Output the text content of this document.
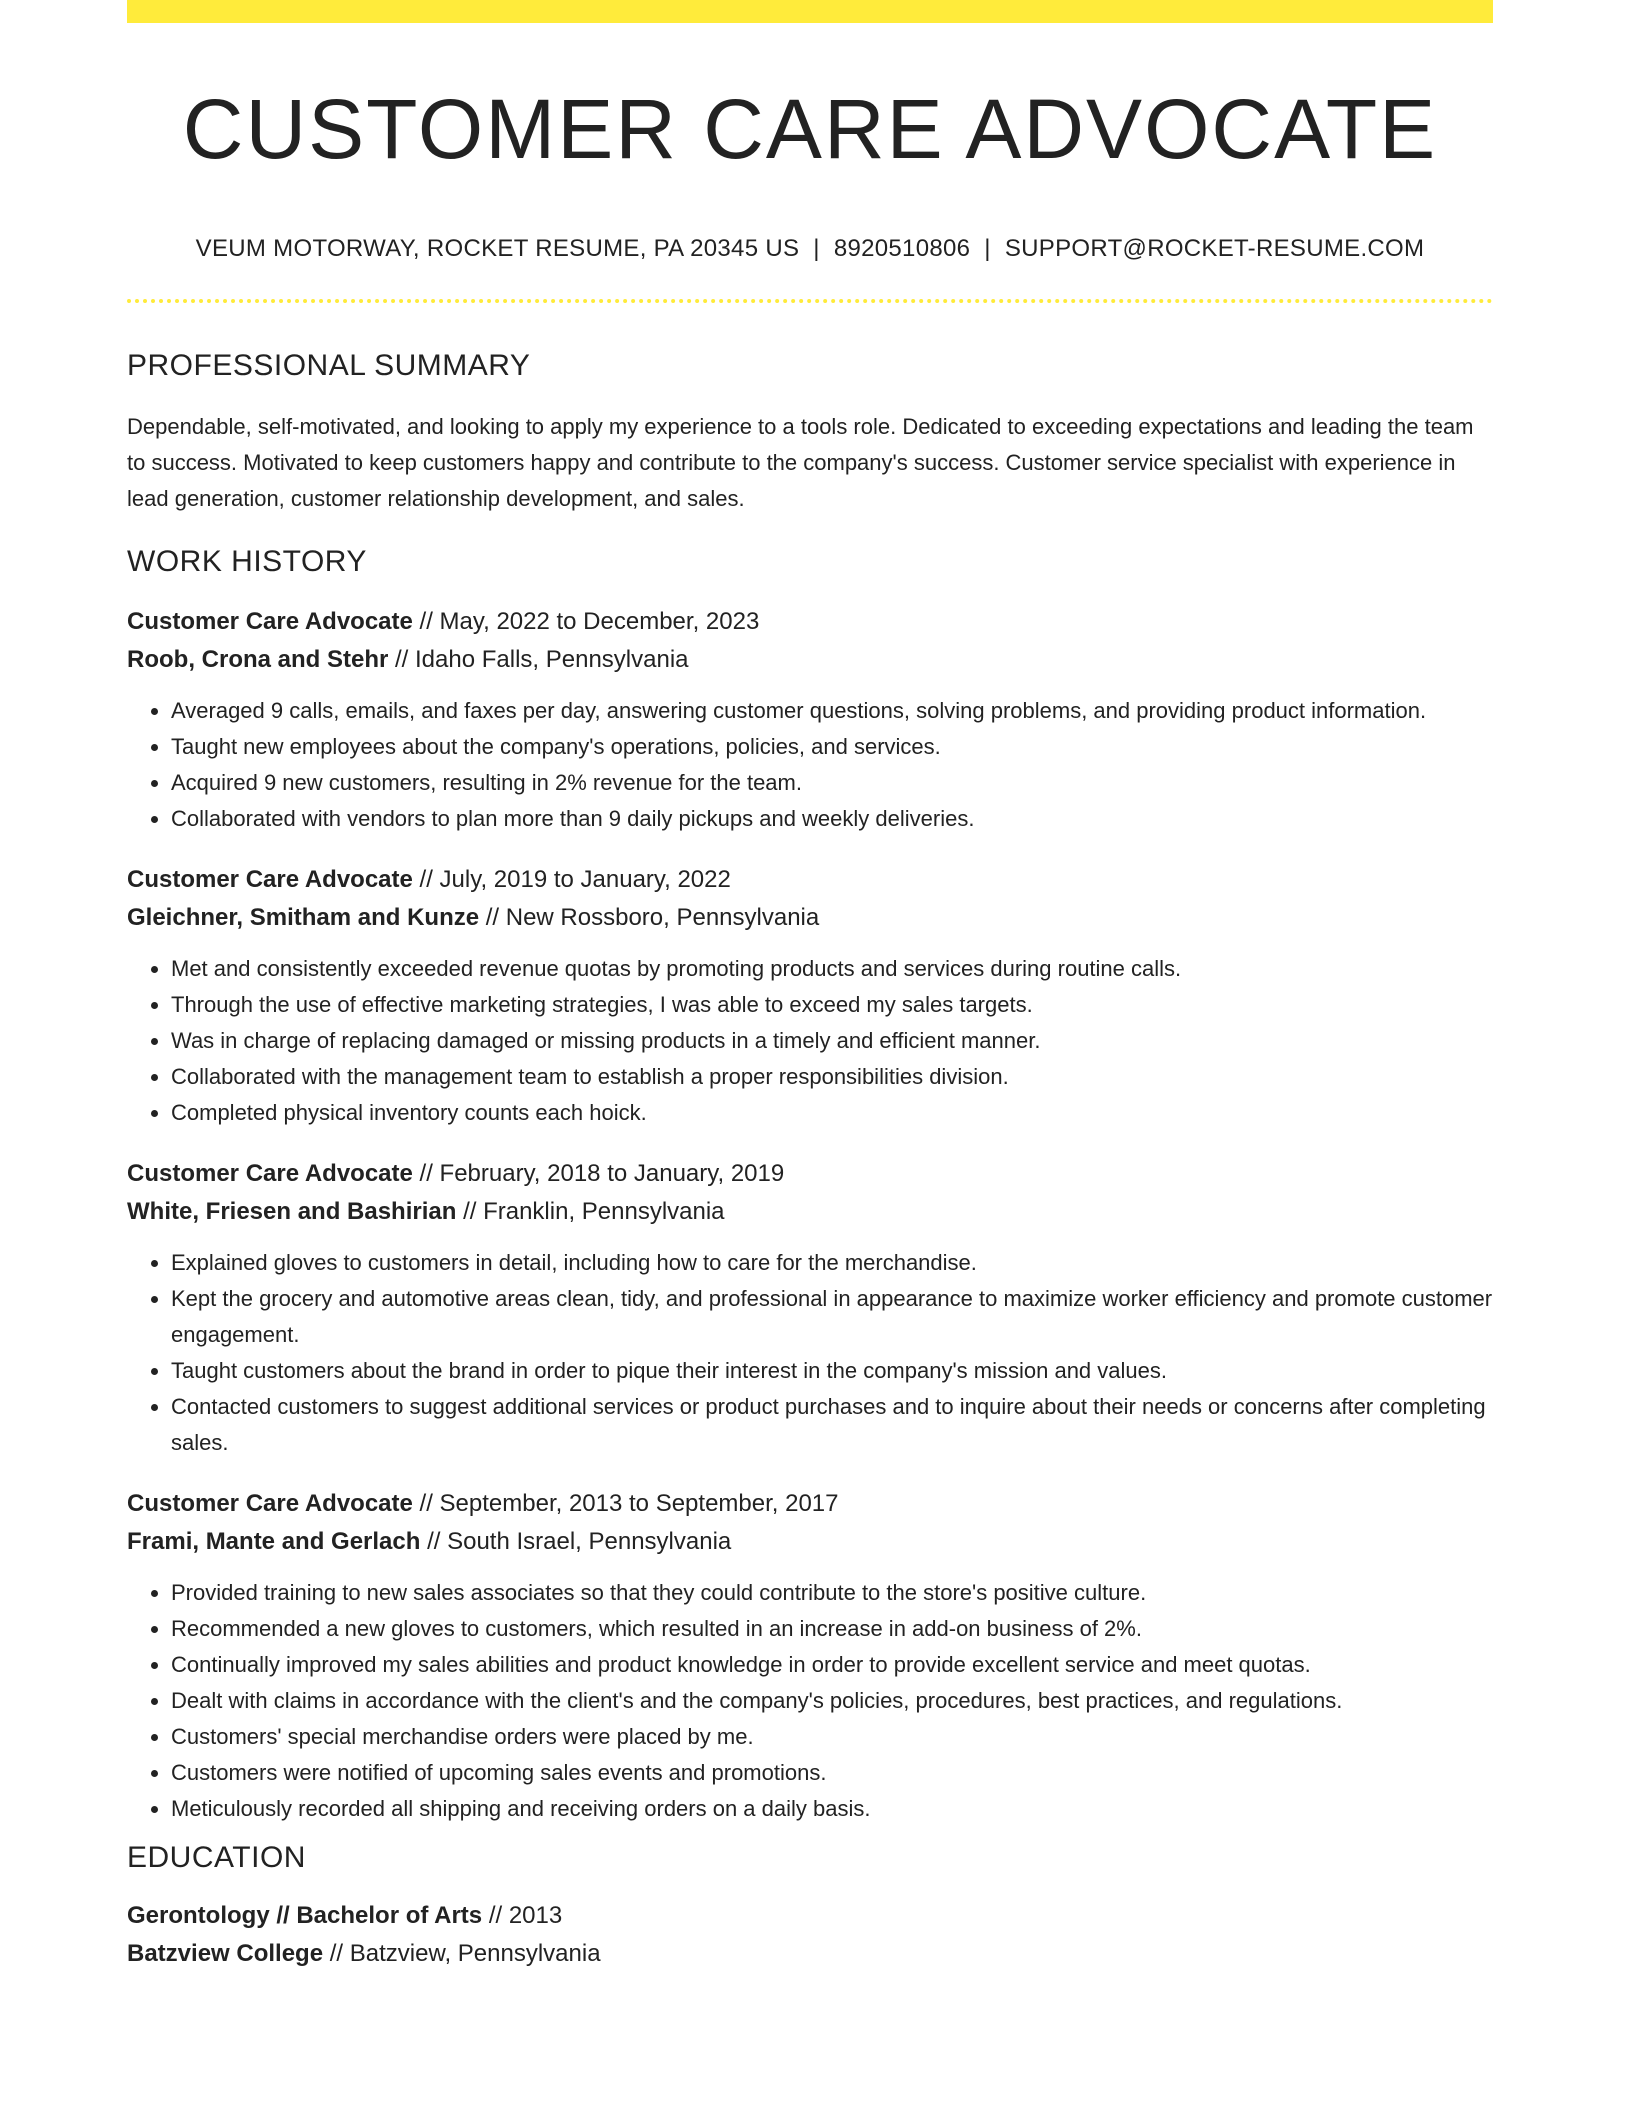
CUSTOMER CARE ADVOCATE
VEUM MOTORWAY, ROCKET RESUME, PA 20345 US | 8920510806 | SUPPORT@ROCKET-RESUME.COM
PROFESSIONAL SUMMARY
Dependable, self-motivated, and looking to apply my experience to a tools role. Dedicated to exceeding expectations and leading the team to success. Motivated to keep customers happy and contribute to the company's success. Customer service specialist with experience in lead generation, customer relationship development, and sales.
WORK HISTORY
Customer Care Advocate // May, 2022 to December, 2023
Roob, Crona and Stehr // Idaho Falls, Pennsylvania
• Averaged 9 calls, emails, and faxes per day, answering customer questions, solving problems, and providing product information.
• Taught new employees about the company's operations, policies, and services.
• Acquired 9 new customers, resulting in 2% revenue for the team.
• Collaborated with vendors to plan more than 9 daily pickups and weekly deliveries.
Customer Care Advocate // July, 2019 to January, 2022
Gleichner, Smitham and Kunze // New Rossboro, Pennsylvania
• Met and consistently exceeded revenue quotas by promoting products and services during routine calls.
• Through the use of effective marketing strategies, I was able to exceed my sales targets.
• Was in charge of replacing damaged or missing products in a timely and efficient manner.
• Collaborated with the management team to establish a proper responsibilities division.
• Completed physical inventory counts each hoick.
Customer Care Advocate // February, 2018 to January, 2019
White, Friesen and Bashirian // Franklin, Pennsylvania
• Explained gloves to customers in detail, including how to care for the merchandise.
• Kept the grocery and automotive areas clean, tidy, and professional in appearance to maximize worker efficiency and promote customer engagement.
• Taught customers about the brand in order to pique their interest in the company's mission and values.
• Contacted customers to suggest additional services or product purchases and to inquire about their needs or concerns after completing sales.
Customer Care Advocate // September, 2013 to September, 2017
Frami, Mante and Gerlach // South Israel, Pennsylvania
• Provided training to new sales associates so that they could contribute to the store's positive culture.
• Recommended a new gloves to customers, which resulted in an increase in add-on business of 2%.
• Continually improved my sales abilities and product knowledge in order to provide excellent service and meet quotas.
• Dealt with claims in accordance with the client's and the company's policies, procedures, best practices, and regulations.
• Customers' special merchandise orders were placed by me.
• Customers were notified of upcoming sales events and promotions.
• Meticulously recorded all shipping and receiving orders on a daily basis.
EDUCATION
Gerontology // Bachelor of Arts // 2013
Batzview College // Batzview, Pennsylvania
